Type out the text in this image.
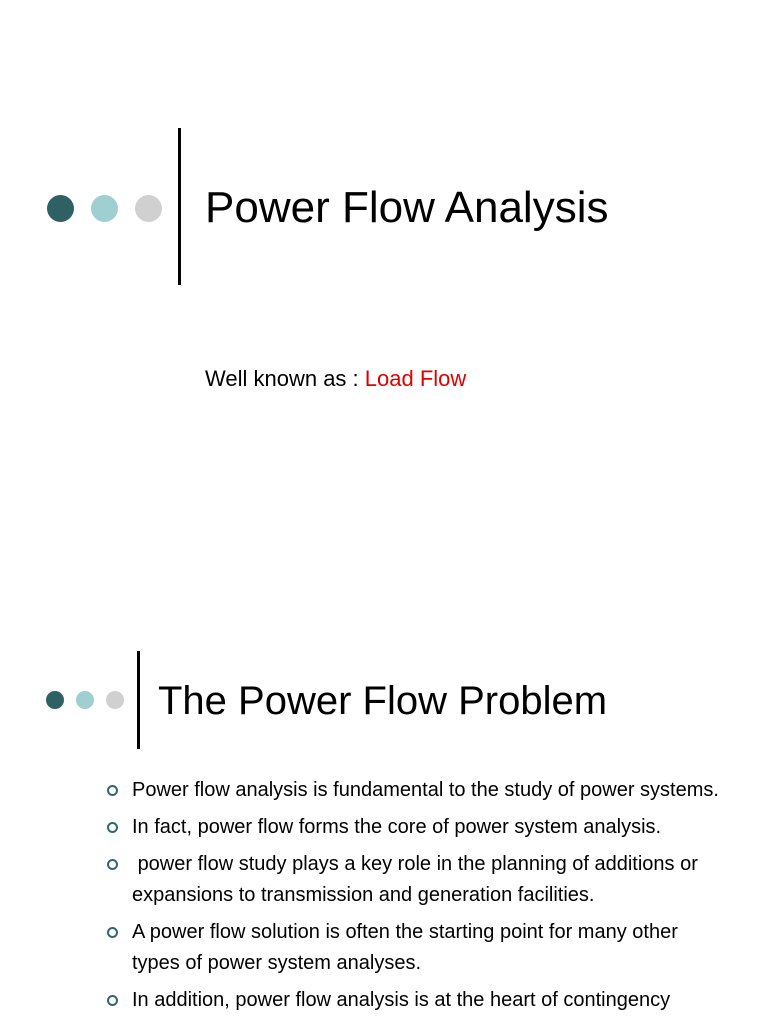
Power Flow Analysis
Well known as : Load Flow
The Power Flow Problem
Power flow analysis is fundamental to the study of power systems.
In fact, power flow forms the core of power system analysis.
power flow study plays a key role in the planning of additions or expansions to transmission and generation facilities.
A power flow solution is often the starting point for many other types of power system analyses.
In addition, power flow analysis is at the heart of contingency
